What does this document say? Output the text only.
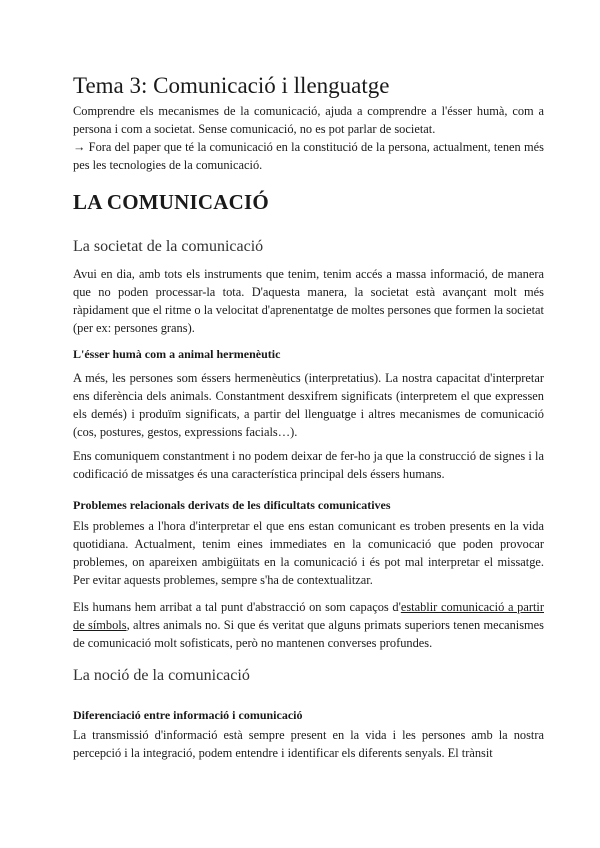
Tema 3: Comunicació i llenguatge

Comprendre els mecanismes de la comunicació, ajuda a comprendre a l'ésser humà, com a persona i com a societat. Sense comunicació, no es pot parlar de societat.

→ Fora del paper que té la comunicació en la constitució de la persona, actualment, tenen més pes les tecnologies de la comunicació.

LA COMUNICACIÓ
La societat de la comunicació

Avui en dia, amb tots els instruments que tenim, tenim accés a massa informació, de manera que no poden processar-la tota. D'aquesta manera, la societat està avançant molt més ràpidament que el ritme o la velocitat d'aprenentatge de moltes persones que formen la societat (per ex: persones grans).

L'ésser humà com a animal hermenèutic

A més, les persones som éssers hermenèutics (interpretatius). La nostra capacitat d'interpretar ens diferència dels animals. Constantment desxifrem significats (interpretem el que expressen els demés) i produïm significats, a partir del llenguatge i altres mecanismes de comunicació (cos, postures, gestos, expressions facials…).

Ens comuniquem constantment i no podem deixar de fer-ho ja que la construcció de signes i la codificació de missatges és una característica principal dels éssers humans.

Problemes relacionals derivats de les dificultats comunicatives

Els problemes a l'hora d'interpretar el que ens estan comunicant es troben presents en la vida quotidiana. Actualment, tenim eines immediates en la comunicació que poden provocar problemes, on apareixen ambigüitats en la comunicació i és pot mal interpretar el missatge. Per evitar aquests problemes, sempre s'ha de contextualitzar.

Els humans hem arribat a tal punt d'abstracció on som capaços d'establir comunicació a partir de símbols, altres animals no. Si que és veritat que alguns primats superiors tenen mecanismes de comunicació molt sofisticats, però no mantenen converses profundes.

La noció de la comunicació
Diferenciació entre informació i comunicació

La transmissió d'informació està sempre present en la vida i les persones amb la nostra percepció i la integració, podem entendre i identificar els diferents senyals. El trànsit
